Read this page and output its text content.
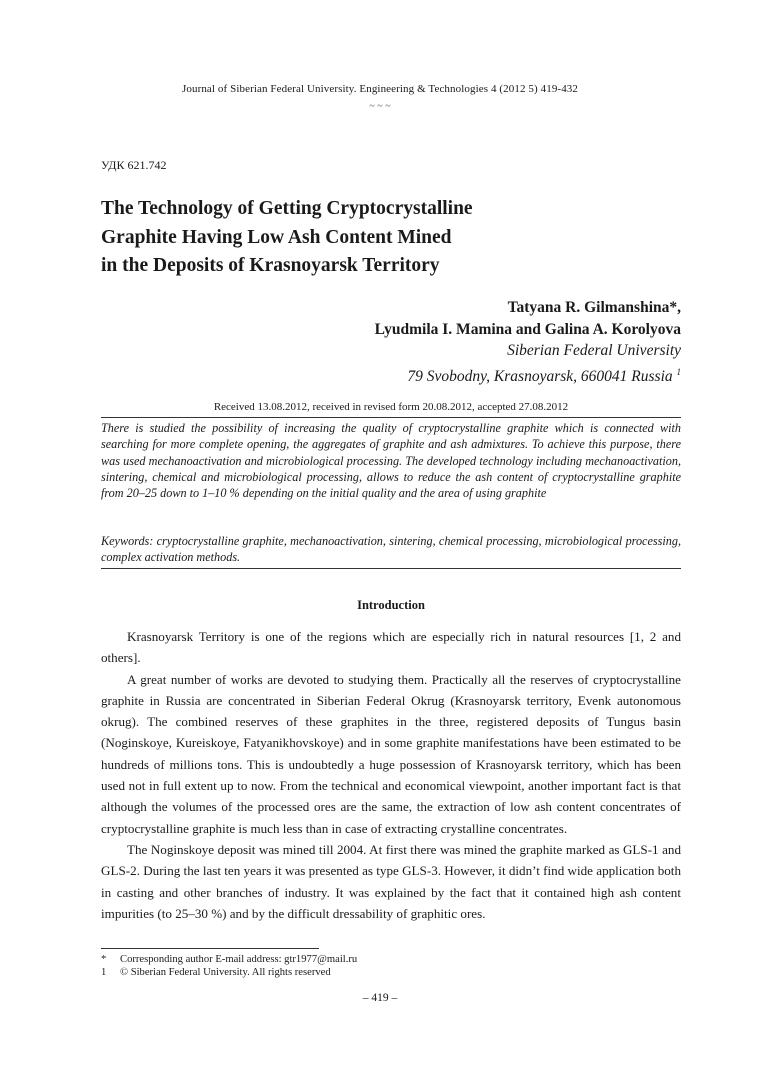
Journal of Siberian Federal University. Engineering & Technologies 4 (2012 5) 419-432
~ ~ ~
УДК 621.742
The Technology of Getting Cryptocrystalline
Graphite Having Low Ash Content Mined
in the Deposits of Krasnoyarsk Territory
Tatyana R. Gilmanshina*,
Lyudmila I. Mamina and Galina A. Korolyova
Siberian Federal University
79 Svobodny, Krasnoyarsk, 660041 Russia $^1$
Received 13.08.2012, received in revised form 20.08.2012, accepted 27.08.2012
There is studied the possibility of increasing the quality of cryptocrystalline graphite which is connected with searching for more complete opening, the aggregates of graphite and ash admixtures. To achieve this purpose, there was used mechanoactivation and microbiological processing. The developed technology including mechanoactivation, sintering, chemical and microbiological processing, allows to reduce the ash content of cryptocrystalline graphite from 20–25 down to 1–10 % depending on the initial quality and the area of using graphite
Keywords: cryptocrystalline graphite, mechanoactivation, sintering, chemical processing, microbiological processing, complex activation methods.
Introduction

Krasnoyarsk Territory is one of the regions which are especially rich in natural resources [1, 2 and others].

A great number of works are devoted to studying them. Practically all the reserves of cryptocrystalline graphite in Russia are concentrated in Siberian Federal Okrug (Krasnoyarsk territory, Evenk autonomous okrug). The combined reserves of these graphites in the three, registered deposits of Tungus basin (Noginskoye, Kureiskoye, Fatyanikhovskoye) and in some graphite manifestations have been estimated to be hundreds of millions tons. This is undoubtedly a huge possession of Krasnoyarsk territory, which has been used not in full extent up to now. From the technical and economical viewpoint, another important fact is that although the volumes of the processed ores are the same, the extraction of low ash content concentrates of cryptocrystalline graphite is much less than in case of extracting crystalline concentrates.

The Noginskoye deposit was mined till 2004. At first there was mined the graphite marked as GLS-1 and GLS-2. During the last ten years it was presented as type GLS-3. However, it didn’t find wide application both in casting and other branches of industry. It was explained by the fact that it contained high ash content impurities (to 25–30 %) and by the difficult dressability of graphitic ores.

* Corresponding author E-mail address: gtr1977@mail.ru
1 © Siberian Federal University. All rights reserved
– 419 –
